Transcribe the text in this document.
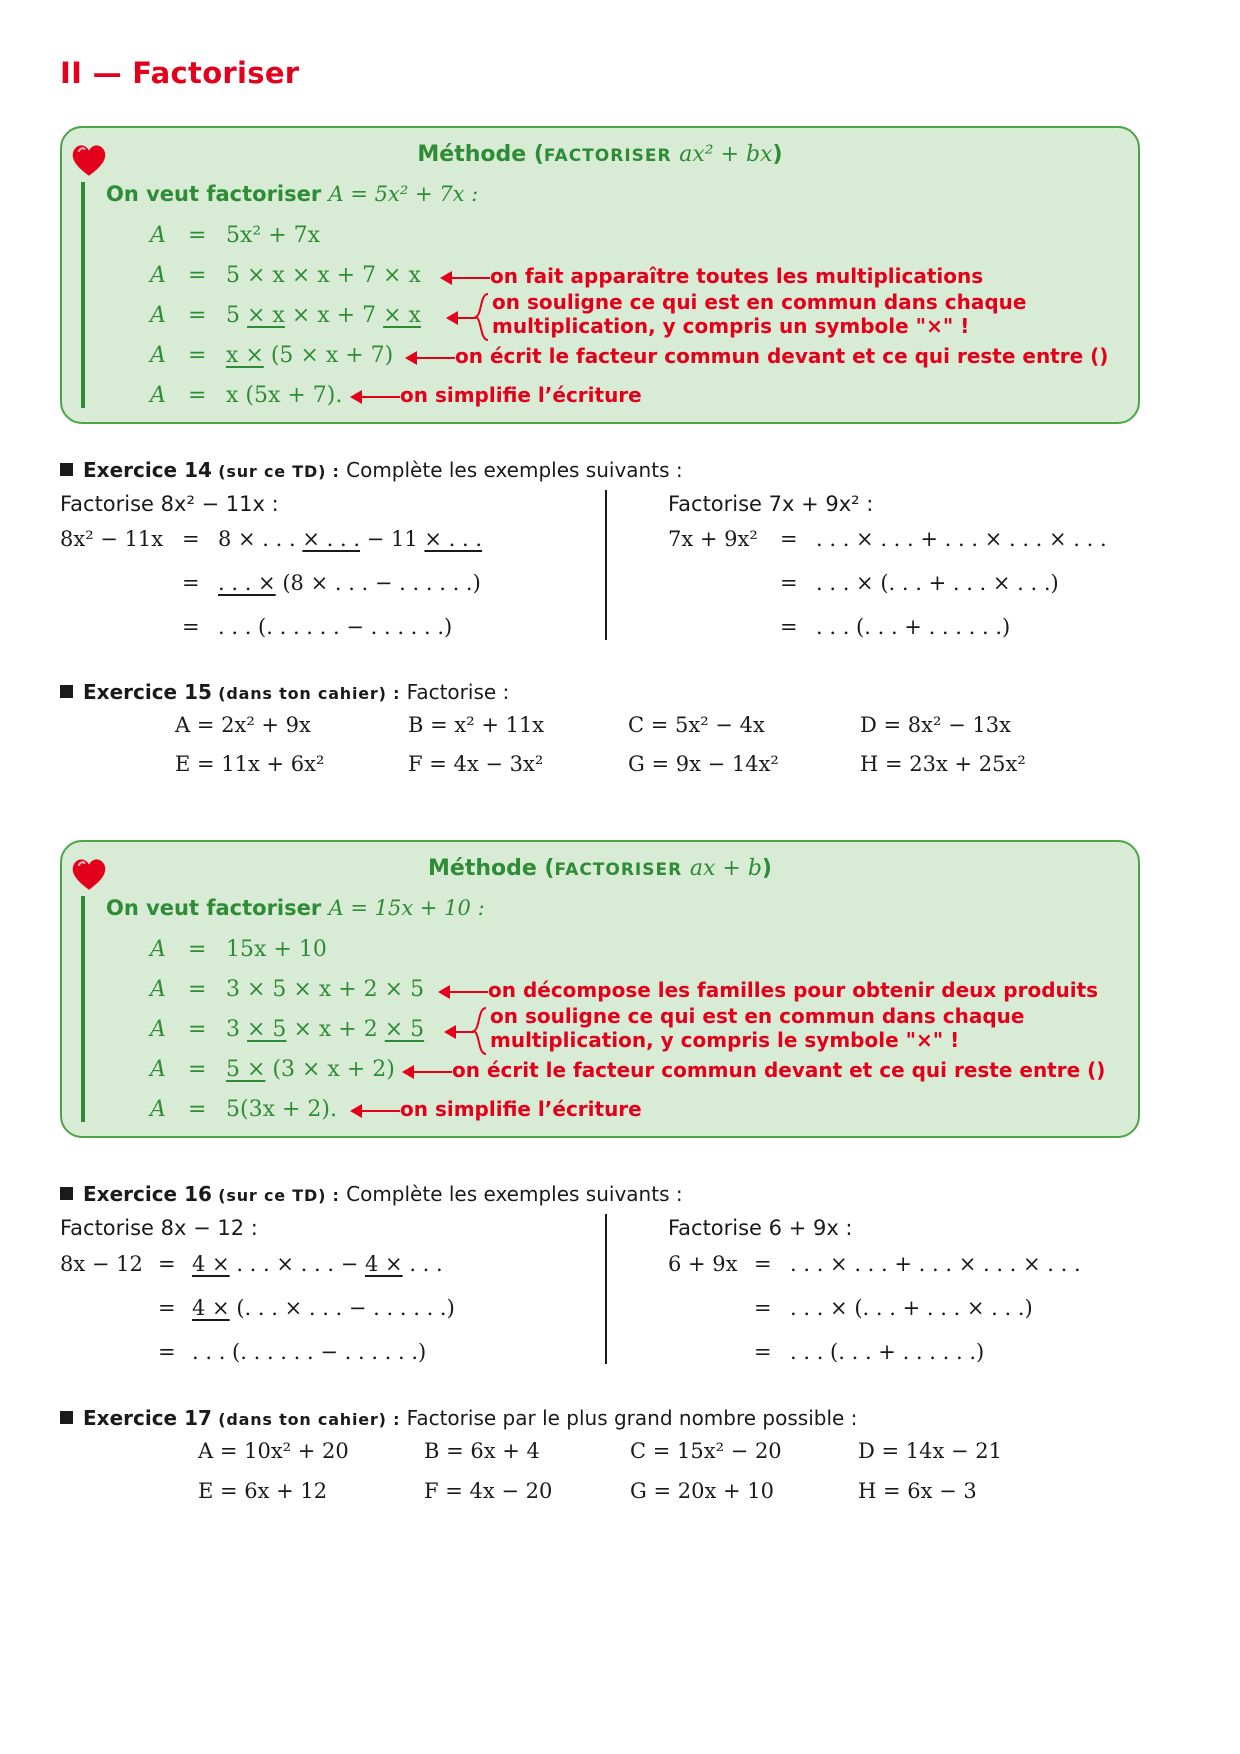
II — Factoriser
Méthode (FACTORISER ax² + bx)
On veut factoriser A = 5x² + 7x :
A = 5x² + 7x
A = 5 × x × x + 7 × x
A = 5 × x × x + 7 × x
A = x × (5 × x + 7)
A = x (5x + 7).
on fait apparaître toutes les multiplications
on souligne ce qui est en commun dans chaque
multiplication, y compris un symbole "×" !
on écrit le facteur commun devant et ce qui reste entre ()
on simplifie l’écriture
Exercice 14 (sur ce TD) : Complète les exemples suivants :
Factorise 8x² − 11x :
8x² − 11x = 8 × . . . × . . . − 11 × . . .
= . . . × (8 × . . . − . . . . . .)
= . . . (. . . . . . − . . . . . .)
Factorise 7x + 9x² :
7x + 9x² = . . . × . . . + . . . × . . . × . . .
= . . . × (. . . + . . . × . . .)
= . . . (. . . + . . . . . .)
Exercice 15 (dans ton cahier) : Factorise :
A = 2x² + 9x	B = x² + 11x	C = 5x² − 4x	D = 8x² − 13x
E = 11x + 6x²	F = 4x − 3x²	G = 9x − 14x²	H = 23x + 25x²
Méthode (FACTORISER ax + b)
On veut factoriser A = 15x + 10 :
A = 15x + 10
A = 3 × 5 × x + 2 × 5
A = 3 × 5 × x + 2 × 5
A = 5 × (3 × x + 2)
A = 5(3x + 2).
on décompose les familles pour obtenir deux produits
on souligne ce qui est en commun dans chaque
multiplication, y compris le symbole "×" !
on écrit le facteur commun devant et ce qui reste entre ()
on simplifie l’écriture
Exercice 16 (sur ce TD) : Complète les exemples suivants :
Factorise 8x − 12 :
8x − 12 = 4 × . . . × . . . − 4 × . . .
= 4 × (. . . × . . . − . . . . . .)
= . . . (. . . . . . − . . . . . .)
Factorise 6 + 9x :
6 + 9x = . . . × . . . + . . . × . . . × . . .
= . . . × (. . . + . . . × . . .)
= . . . (. . . + . . . . . .)
Exercice 17 (dans ton cahier) : Factorise par le plus grand nombre possible :
A = 10x² + 20	B = 6x + 4	C = 15x² − 20	D = 14x − 21
E = 6x + 12	F = 4x − 20	G = 20x + 10	H = 6x − 3
